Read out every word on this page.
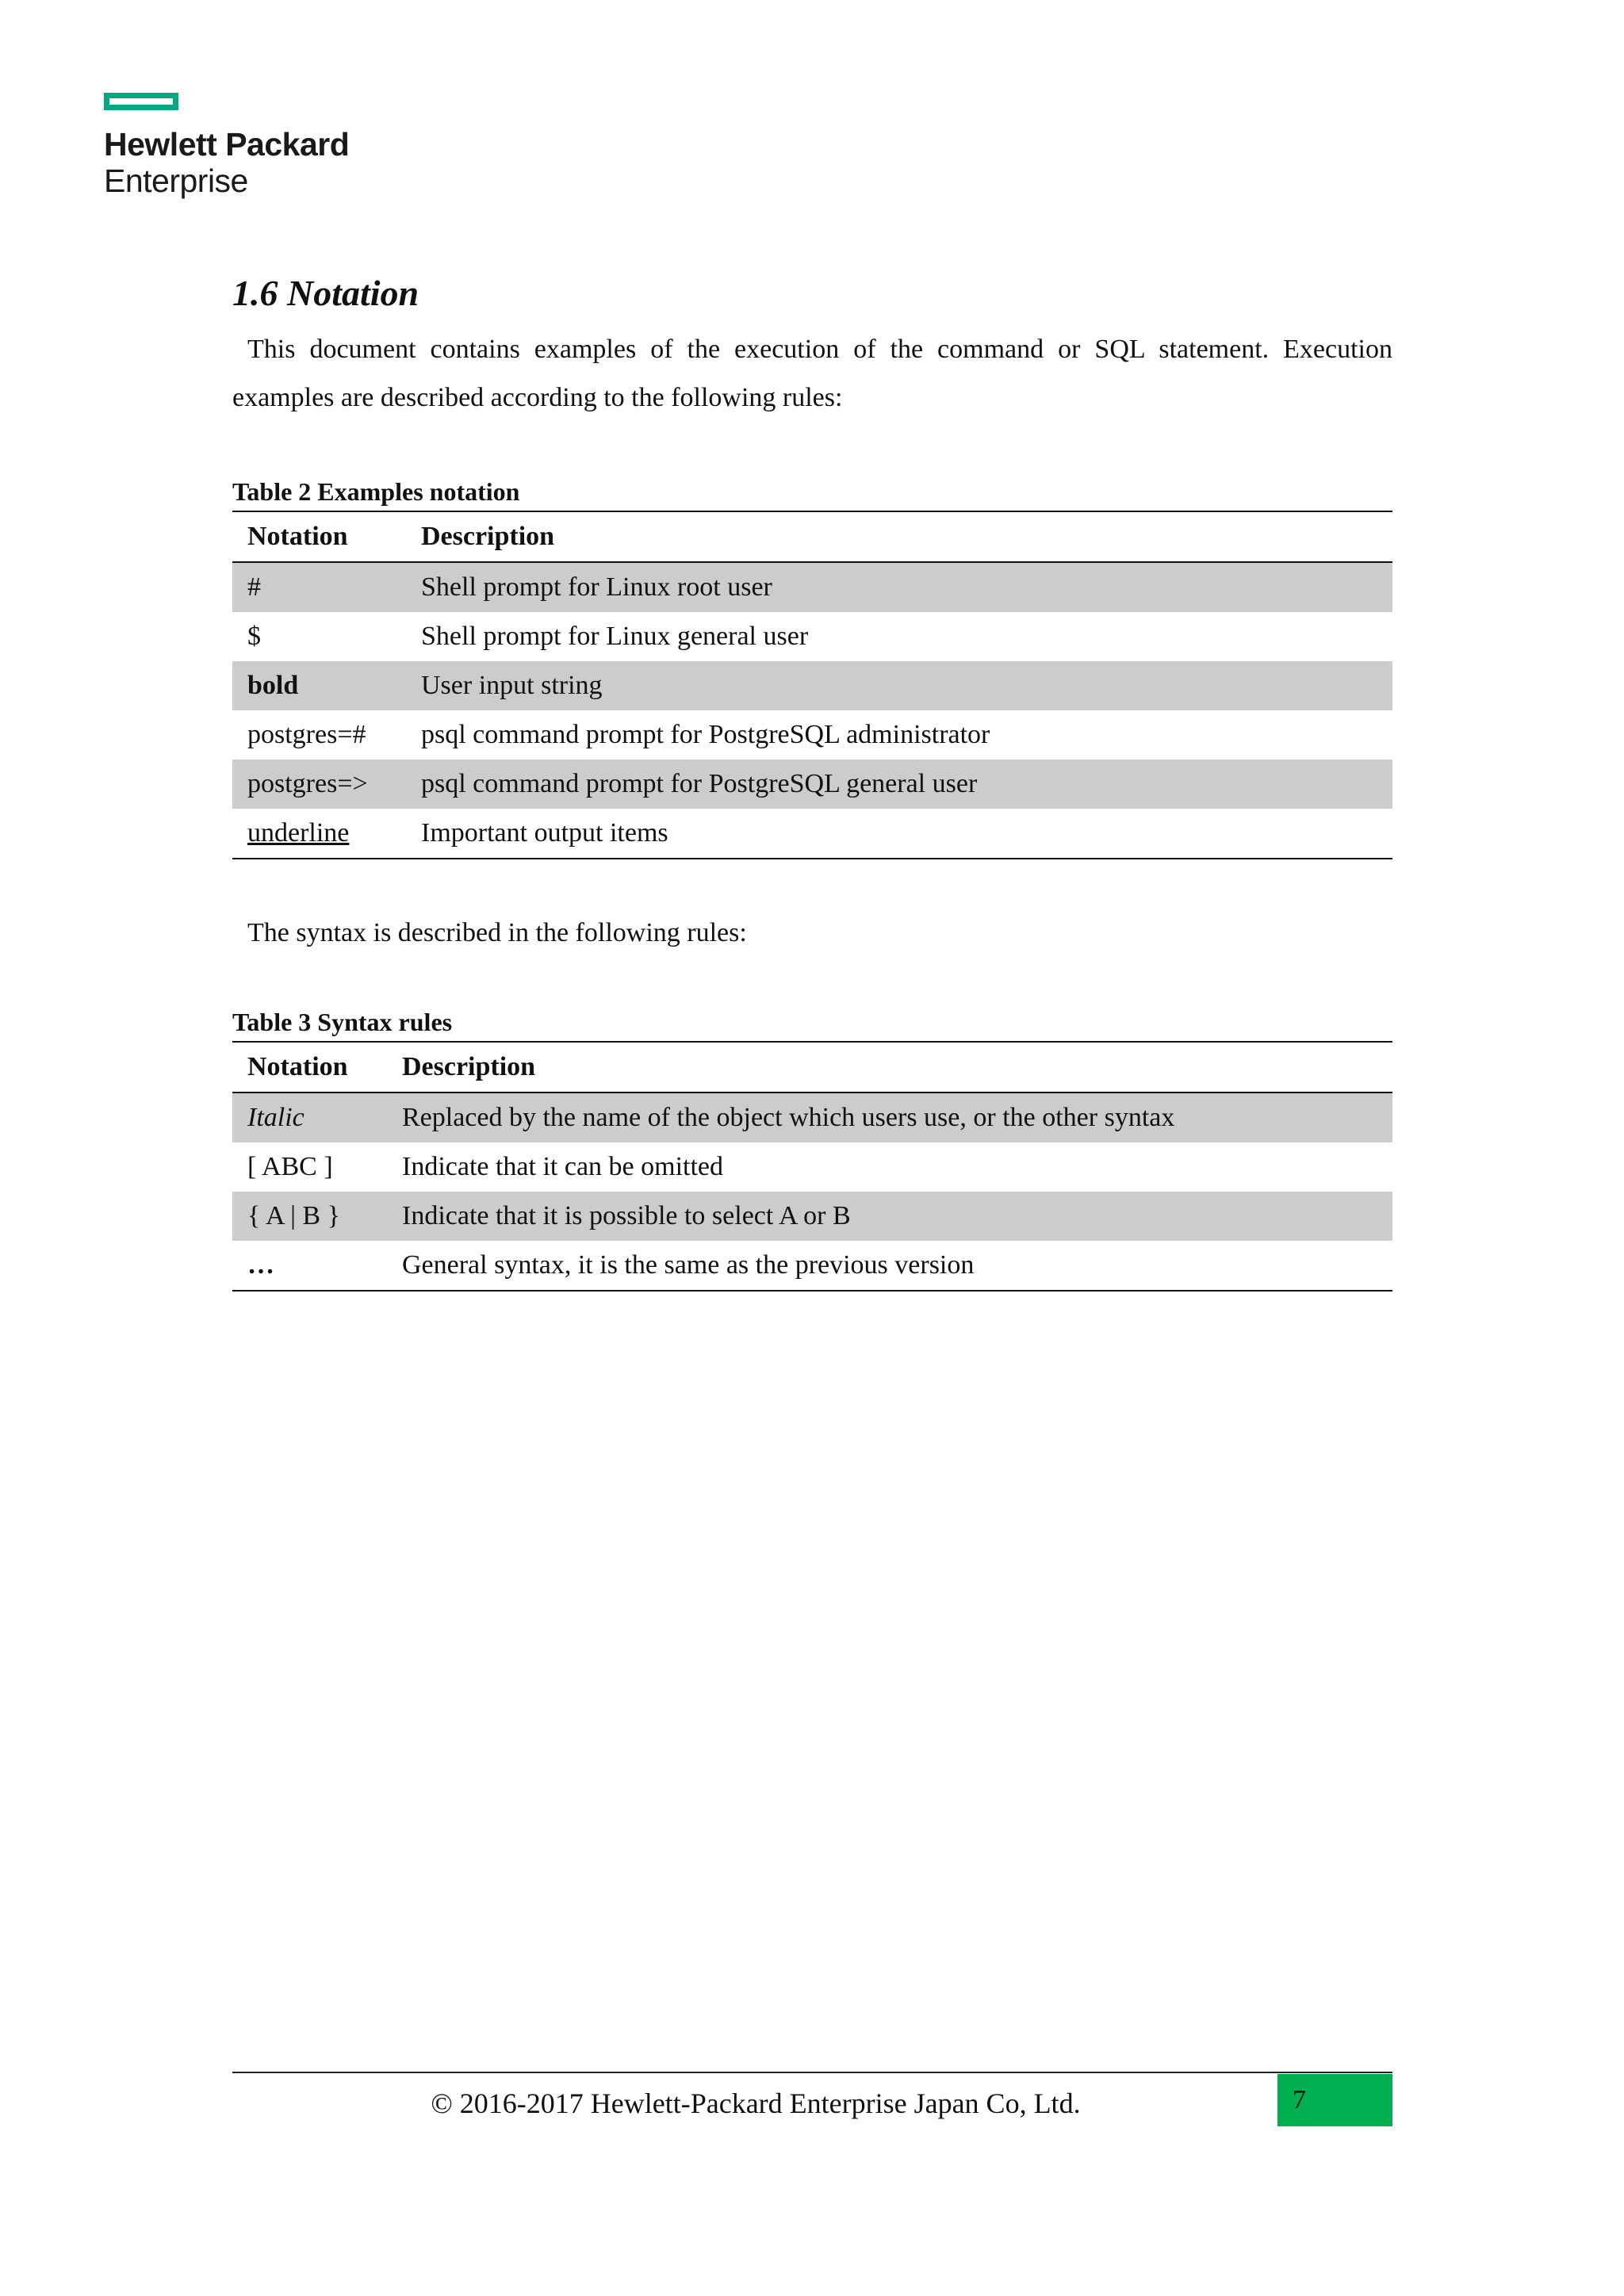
Hewlett Packard
Enterprise
1.6 Notation

This document contains examples of the execution of the command or SQL statement. Execution examples are described according to the following rules:

Table 2 Examples notation

Notation	Description
#	Shell prompt for Linux root user
$	Shell prompt for Linux general user
bold	User input string
postgres=#	psql command prompt for PostgreSQL administrator
postgres=>	psql command prompt for PostgreSQL general user
underline	Important output items

The syntax is described in the following rules:

Table 3 Syntax rules

Notation	Description
Italic	Replaced by the name of the object which users use, or the other syntax
[ ABC ]	Indicate that it can be omitted
{ A | B }	Indicate that it is possible to select A or B
…	General syntax, it is the same as the previous version
© 2016-2017 Hewlett-Packard Enterprise Japan Co, Ltd.	7
